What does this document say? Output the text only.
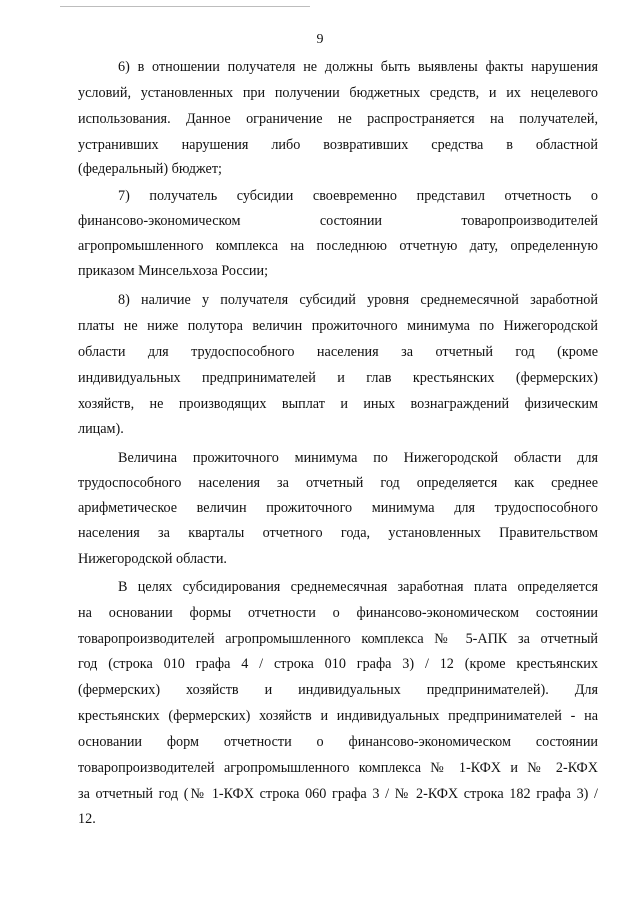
9
6) в отношении получателя не должны быть выявлены факты нарушения
условий, установленных при получении бюджетных средств, и их нецелевого
использования. Данное ограничение не распространяется на получателей,
устранивших нарушения либо возвратившиx средства в областной
(федеральный) бюджет;
7) получатель субсидии своевременно представил отчетность о
финансово-экономическом состоянии товаропроизводителей
агропромышленного комплекса на последнюю отчетную дату, определенную
приказом Минсельхоза России;
8) наличие у получателя субсидий уровня среднемесячной заработной
платы не ниже полутора величин прожиточного минимума по Нижегородской
области для трудоспособного населения за отчетный год (кроме
индивидуальных предпринимателей и глав крестьянских (фермерских)
хозяйств, не производящих выплат и иных вознаграждений физическим
лицам).
Величина прожиточного минимума по Нижегородской области для
трудоспособного населения за отчетный год определяется как среднее
арифметическое величин прожиточного минимума для трудоспособного
населения за кварталы отчетного года, установленных Правительством
Нижегородской области.
В целях субсидирования среднемесячная заработная плата определяется
на основании формы отчетности о финансово-экономическом состоянии
товаропроизводителей агропромышленного комплекса № 5-АПК за отчетный
год (строка 010 графа 4 / строка 010 графа 3) / 12 (кроме крестьянских
(фермерских) хозяйств и индивидуальных предпринимателей). Для
крестьянских (фермерских) хозяйств и индивидуальных предпринимателей - на
основании форм отчетности о финансово-экономическом состоянии
товаропроизводителей агропромышленного комплекса № 1-КФХ и № 2-КФХ
за отчетный год (№ 1-КФХ строка 060 графа 3 / № 2-КФХ строка 182 графа 3) /
12.
